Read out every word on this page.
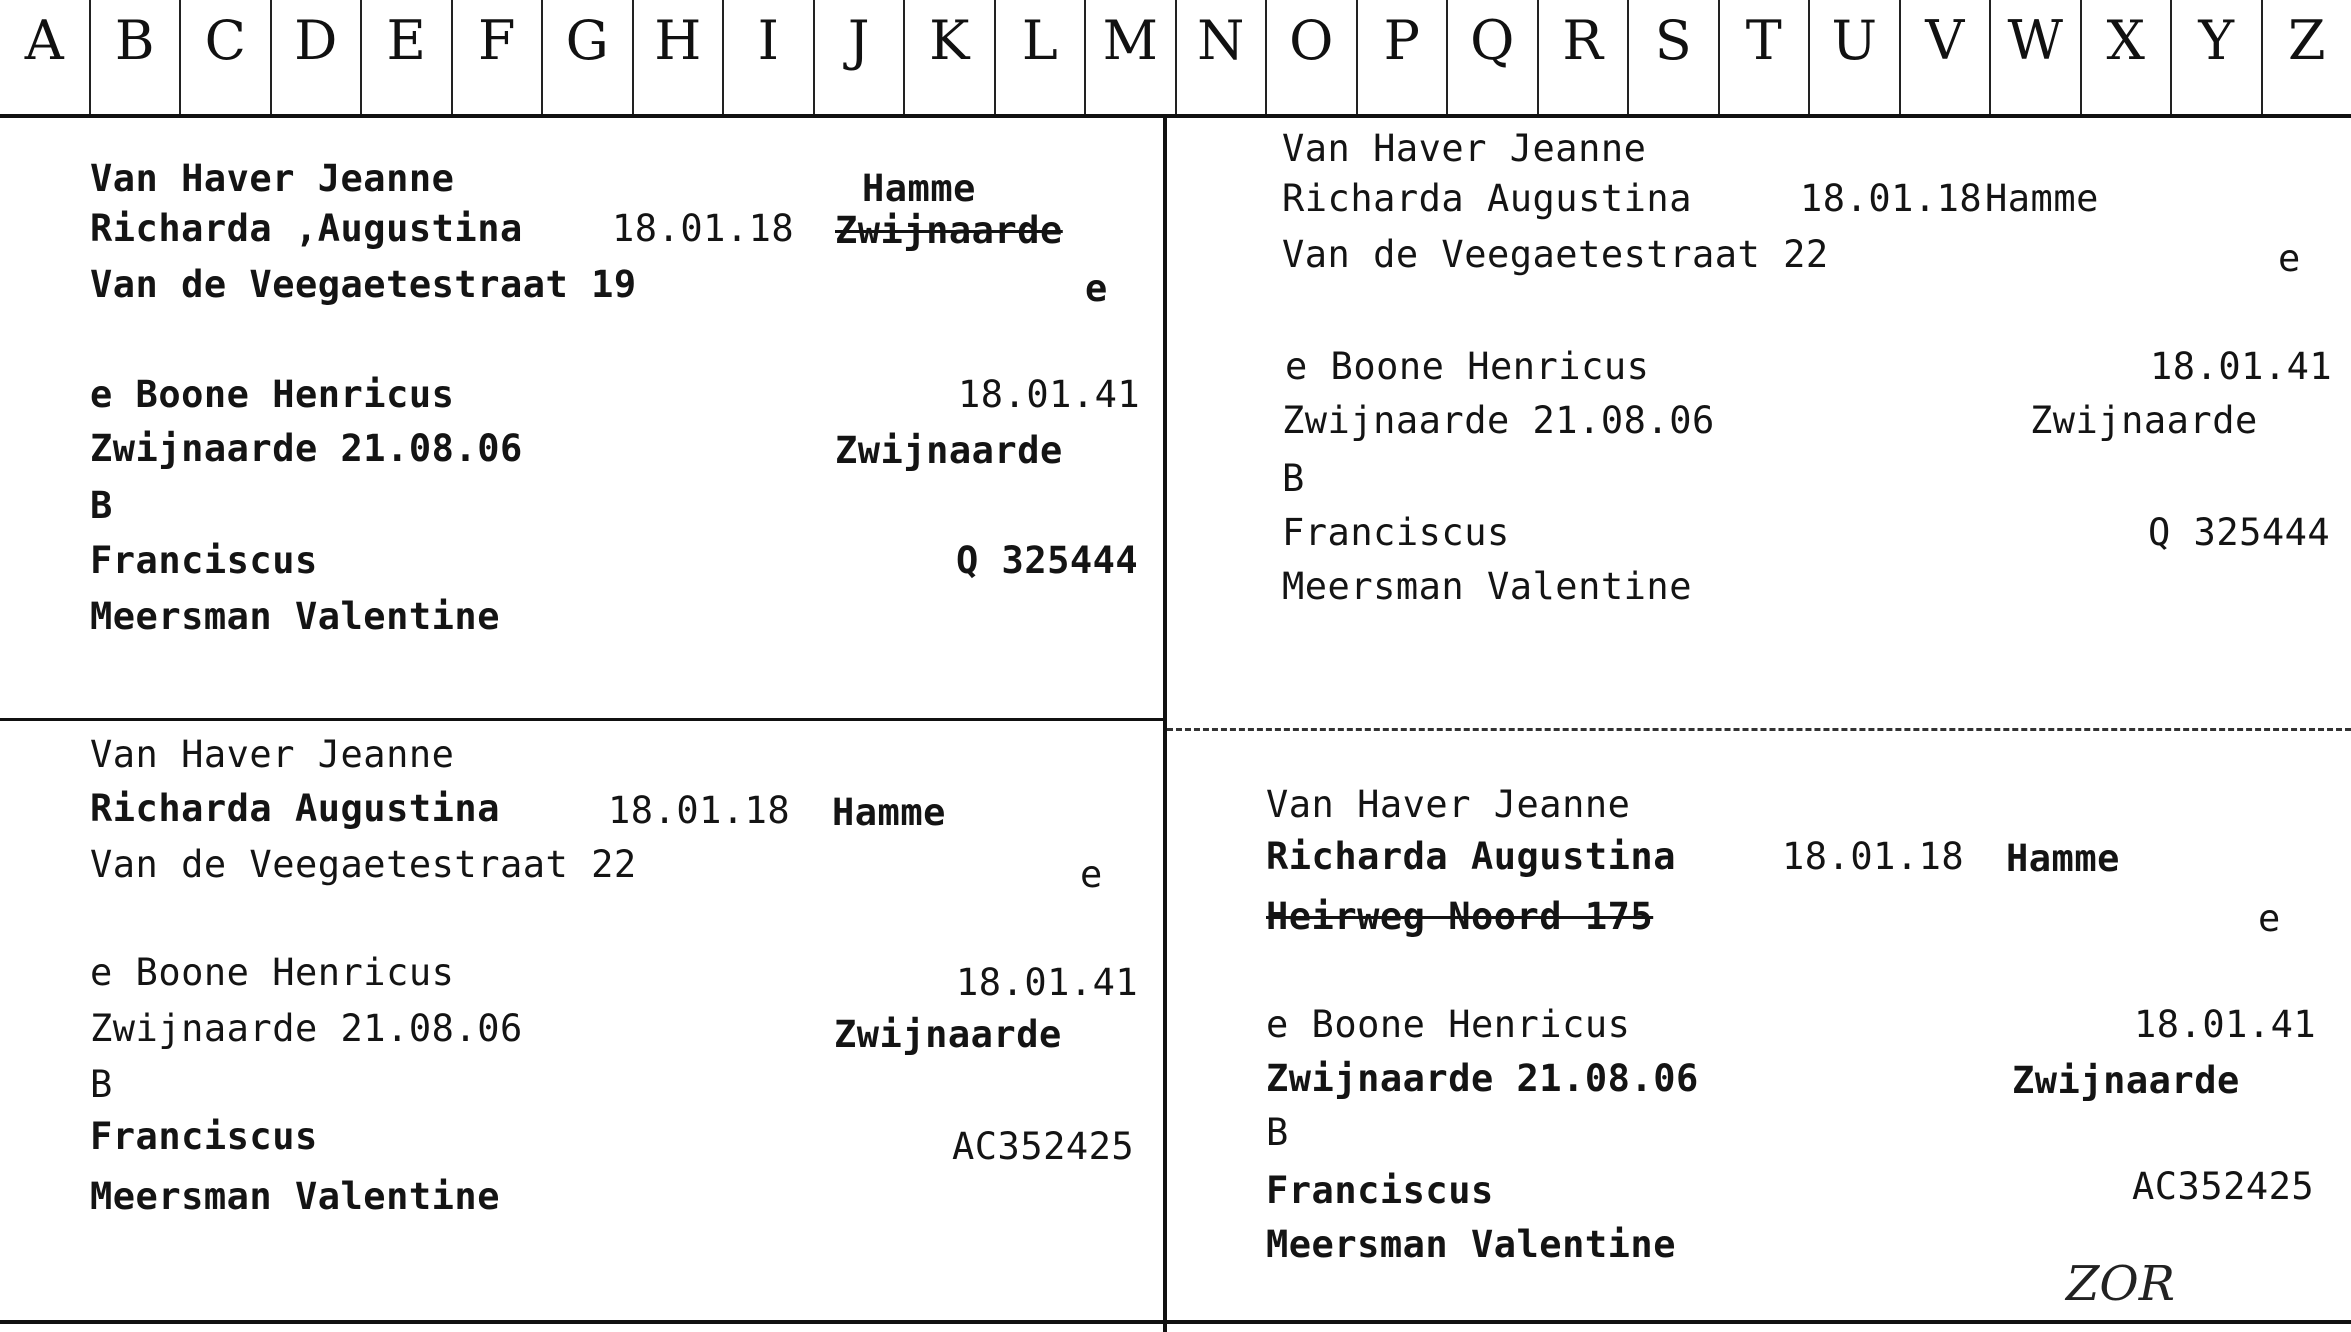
A B C D E F G H	I	J	K L M N O P Q R S T U V W X Y Z
Van Haver Jeanne	Hamme
Richarda ,Augustina 18.01.18 Zwijnaarde
Van de Veegaetestraat 19	e
e Boone Henricus	18.01.41
Zwijnaarde 21.08.06	Zwijnaarde
B
Franciscus	Q 325444
Meersman Valentine
Van Haver Jeanne
Richarda Augustina	18.01.18 Hamme
Van de Veegaetestraat 22	e
e Boone Henricus	18.01.41
Zwijnaarde 21.08.06	Zwijnaarde
B
Franciscus	Q 325444
Meersman Valentine
Van Haver Jeanne
Richarda Augustina	18.01.18 Hamme
Van de Veegaetestraat 22	e
e Boone Henricus	18.01.41
Zwijnaarde 21.08.06	Zwijnaarde
B
Franciscus	AC352425
Meersman Valentine
Van Haver Jeanne
Richarda Augustina	18.01.18 Hamme
Heirweg Noord 175	e
e Boone Henricus	18.01.41
Zwijnaarde 21.08.06	Zwijnaarde
B
Franciscus	AC352425
Meersman Valentine
ZOR
